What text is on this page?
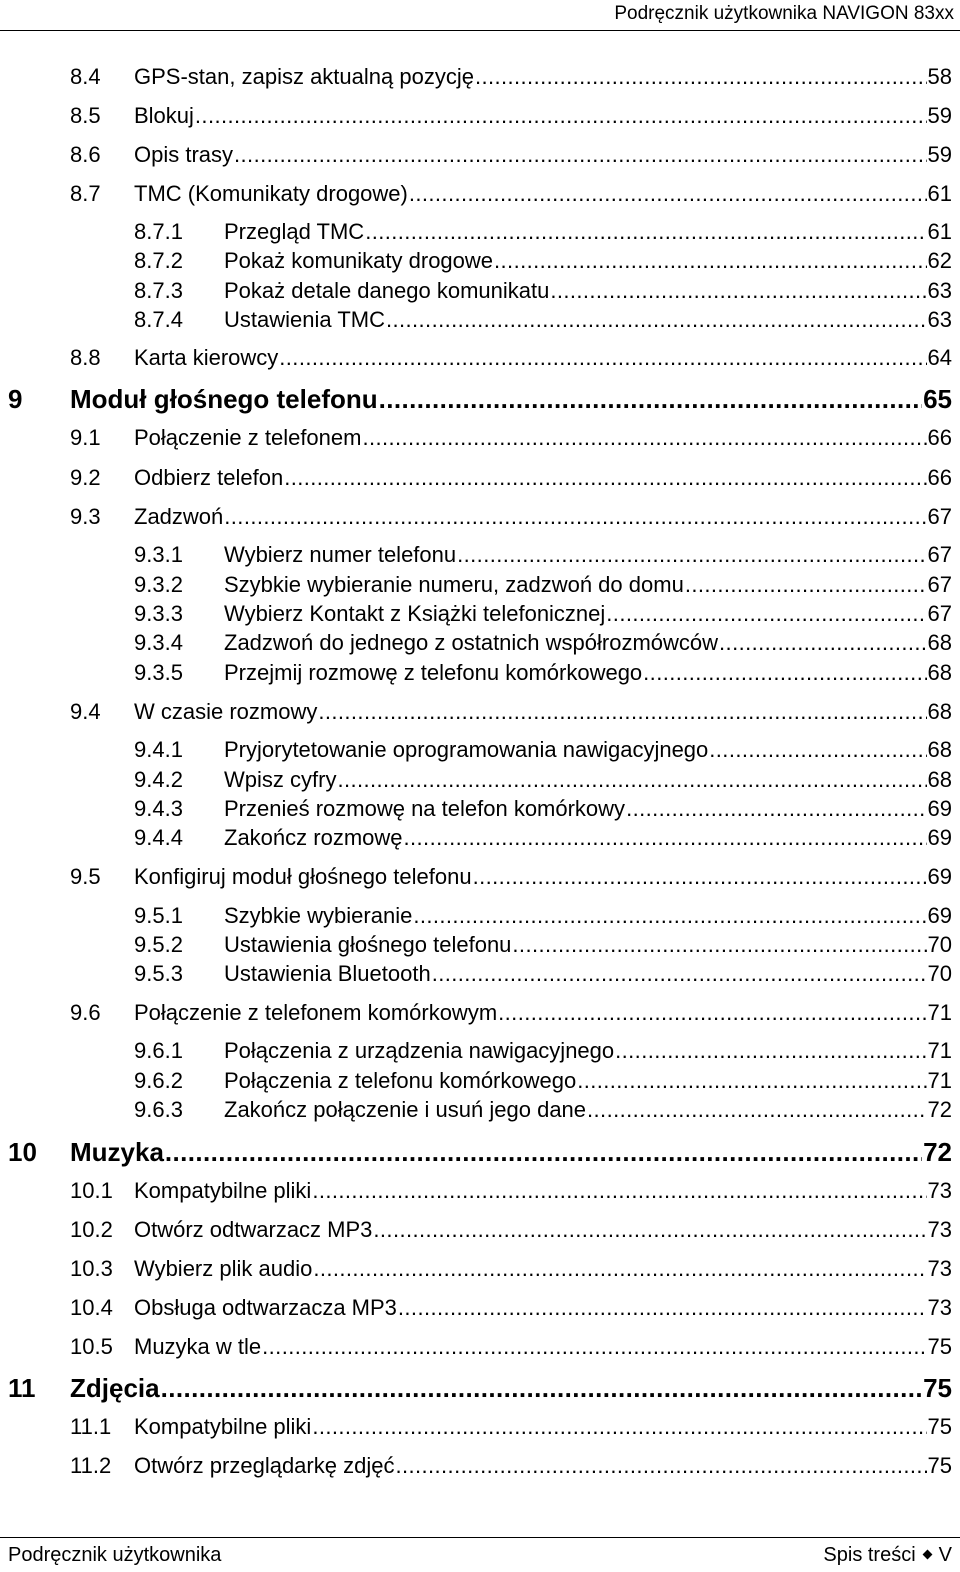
Podręcznik użytkownika NAVIGON 83xx
8.4	GPS-stan, zapisz aktualną pozycję .....	58
8.5	Blokuj .....	59
8.6	Opis trasy .....	59
8.7	TMC (Komunikaty drogowe) .....	61
8.7.1	Przegląd TMC .....	61
8.7.2	Pokaż komunikaty drogowe .....	62
8.7.3	Pokaż detale danego komunikatu .....	63
8.7.4	Ustawienia TMC .....	63
8.8	Karta kierowcy .....	64
9	Moduł głośnego telefonu .....	65
9.1	Połączenie z telefonem .....	66
9.2	Odbierz telefon .....	66
9.3	Zadzwoń .....	67
9.3.1	Wybierz numer telefonu .....	67
9.3.2	Szybkie wybieranie numeru, zadzwoń do domu .....	67
9.3.3	Wybierz Kontakt z Książki telefonicznej .....	67
9.3.4	Zadzwoń do jednego z ostatnich współrozmówców .....	68
9.3.5	Przejmij rozmowę z telefonu komórkowego .....	68
9.4	W czasie rozmowy .....	68
9.4.1	Pryjorytetowanie oprogramowania nawigacyjnego .....	68
9.4.2	Wpisz cyfry .....	68
9.4.3	Przenieś rozmowę na telefon komórkowy .....	69
9.4.4	Zakończ rozmowę .....	69
9.5	Konfigiruj moduł głośnego telefonu .....	69
9.5.1	Szybkie wybieranie .....	69
9.5.2	Ustawienia głośnego telefonu .....	70
9.5.3	Ustawienia Bluetooth .....	70
9.6	Połączenie z telefonem komórkowym .....	71
9.6.1	Połączenia z urządzenia nawigacyjnego .....	71
9.6.2	Połączenia z telefonu komórkowego .....	71
9.6.3	Zakończ połączenie i usuń jego dane .....	72
10	Muzyka .....	72
10.1 Kompatybilne pliki .....	73
10.2 Otwórz odtwarzacz MP3 .....	73
10.3 Wybierz plik audio .....	73
10.4 Obsługa odtwarzacza MP3 .....	73
10.5 Muzyka w tle .....	75
11	Zdjęcia .....	75
11.1	Kompatybilne pliki .....	75
11.2	Otwórz przeglądarkę zdjęć .....	75
Podręcznik użytkownika	Spis treści V
